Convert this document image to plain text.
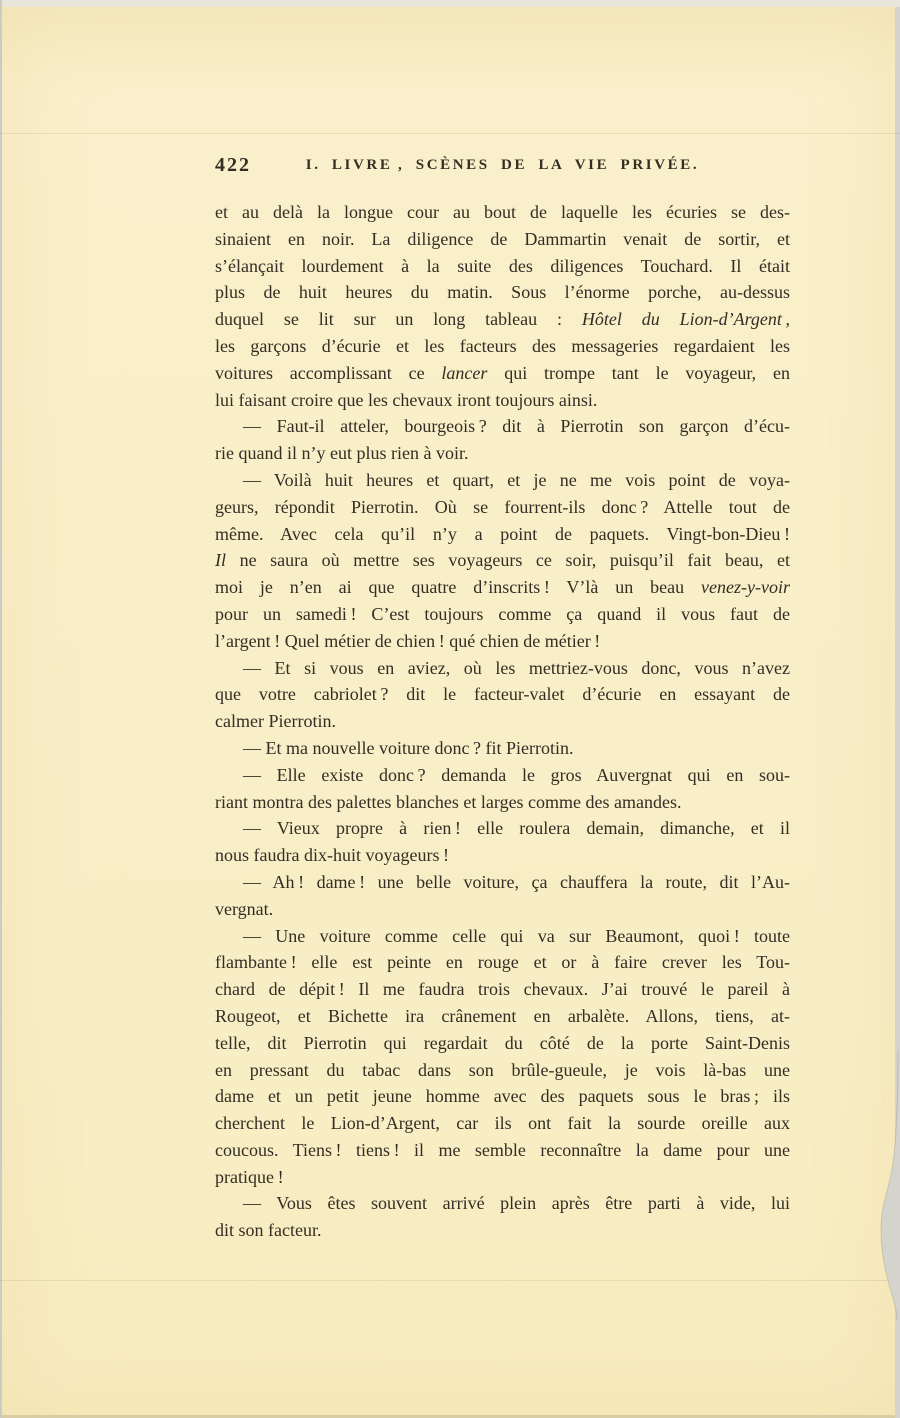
422	I. LIVRE , SCÈNES DE LA VIE PRIVÉE.
et au delà la longue cour au bout de laquelle les écuries se des-
sinaient en noir. La diligence de Dammartin venait de sortir, et
s’élançait lourdement à la suite des diligences Touchard. Il était
plus de huit heures du matin. Sous l’énorme porche, au-dessus
duquel se lit sur un long tableau : Hôtel du Lion-d’Argent ,
les garçons d’écurie et les facteurs des messageries regardaient les
voitures accomplissant ce lancer qui trompe tant le voyageur, en
lui faisant croire que les chevaux iront toujours ainsi.
— Faut-il atteler, bourgeois ? dit à Pierrotin son garçon d’écu-
rie quand il n’y eut plus rien à voir.
— Voilà huit heures et quart, et je ne me vois point de voya-
geurs, répondit Pierrotin. Où se fourrent-ils donc ? Attelle tout de
même. Avec cela qu’il n’y a point de paquets. Vingt-bon-Dieu !
Il ne saura où mettre ses voyageurs ce soir, puisqu’il fait beau, et
moi je n’en ai que quatre d’inscrits ! V’là un beau venez-y-voir
pour un samedi ! C’est toujours comme ça quand il vous faut de
l’argent ! Quel métier de chien ! qué chien de métier !
— Et si vous en aviez, où les mettriez-vous donc, vous n’avez
que votre cabriolet ? dit le facteur-valet d’écurie en essayant de
calmer Pierrotin.
— Et ma nouvelle voiture donc ? fit Pierrotin.
— Elle existe donc ? demanda le gros Auvergnat qui en sou-
riant montra des palettes blanches et larges comme des amandes.
— Vieux propre à rien ! elle roulera demain, dimanche, et il
nous faudra dix-huit voyageurs !
— Ah ! dame ! une belle voiture, ça chauffera la route, dit l’Au-
vergnat.
— Une voiture comme celle qui va sur Beaumont, quoi ! toute
flambante ! elle est peinte en rouge et or à faire crever les Tou-
chard de dépit ! Il me faudra trois chevaux. J’ai trouvé le pareil à
Rougeot, et Bichette ira crânement en arbalète. Allons, tiens, at-
telle, dit Pierrotin qui regardait du côté de la porte Saint-Denis
en pressant du tabac dans son brûle-gueule, je vois là-bas une
dame et un petit jeune homme avec des paquets sous le bras ; ils
cherchent le Lion-d’Argent, car ils ont fait la sourde oreille aux
coucous. Tiens ! tiens ! il me semble reconnaître la dame pour une
pratique !
— Vous êtes souvent arrivé plein après être parti à vide, lui
dit son facteur.
